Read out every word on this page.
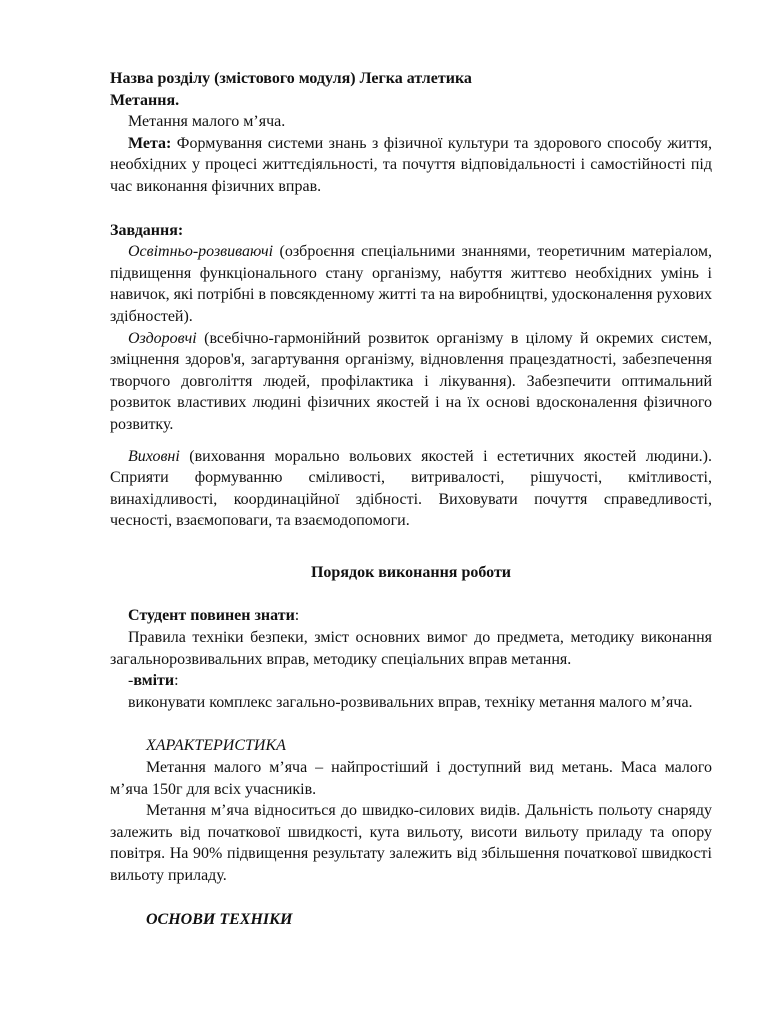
Назва розділу (змістового модуля) Легка атлетика

Метання.

Метання малого м’яча.

Мета: Формування системи знань з фізичної культури та здорового способу життя, необхідних у процесі життєдіяльності, та почуття відповідальності і самостійності під час виконання фізичних вправ.

Завдання:

Освітньо-розвиваючі (озброєння спеціальними знаннями, теоретичним матеріалом, підвищення функціонального стану організму, набуття життєво необхідних умінь і навичок, які потрібні в повсякденному житті та на виробництві, удосконалення рухових здібностей).

Оздоровчі (всебічно-гармонійний розвиток організму в цілому й окремих систем, зміцнення здоров'я, загартування організму, відновлення працездатності, забезпечення творчого довголіття людей, профілактика і лікування). Забезпечити оптимальний розвиток властивих людині фізичних якостей і на їх основі вдосконалення фізичного розвитку.

Виховні (виховання морально вольових якостей і естетичних якостей людини.). Сприяти формуванню сміливості, витривалості, рішучості, кмітливості, винахідливості, координаційної здібності. Виховувати почуття справедливості, чесності, взаємоповаги, та взаємодопомоги.

Порядок виконання роботи

Студент повинен знати:

Правила техніки безпеки, зміст основних вимог до предмета, методику виконання загальнорозвивальних вправ, методику спеціальних вправ метання.

-вміти:

виконувати комплекс загально-розвивальних вправ, техніку метання малого м’яча.

ХАРАКТЕРИСТИКА

Метання малого м’яча – найпростіший і доступний вид метань. Маса малого м’яча 150г для всіх учасників.

Метання м’яча відноситься до швидко-силових видів. Дальність польоту снаряду залежить від початкової швидкості, кута вильоту, висоти вильоту приладу та опору повітря. На 90% підвищення результату залежить від збільшення початкової швидкості вильоту приладу.

ОСНОВИ ТЕХНІКИ
